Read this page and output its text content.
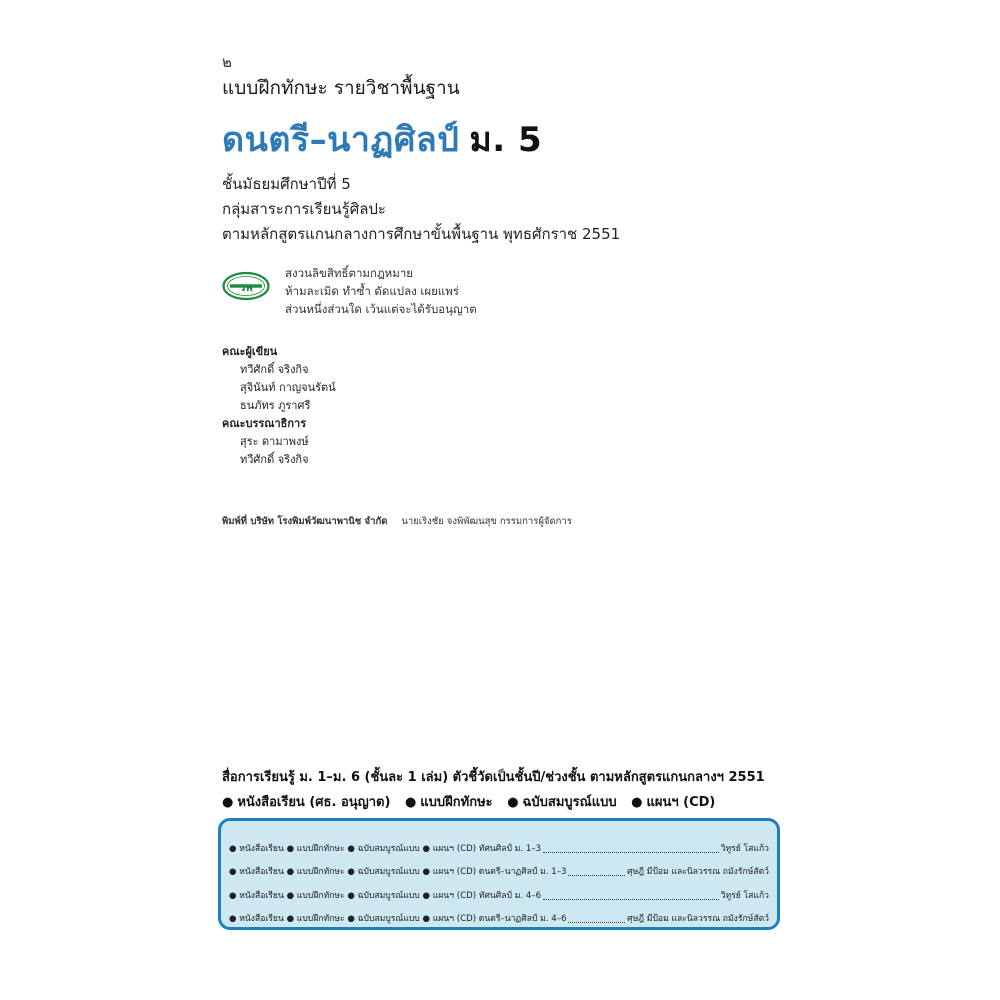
๒
แบบฝึกทักษะ รายวิชาพื้นฐาน
ดนตรี–นาฏศิลป์ ม. 5
ชั้นมัธยมศึกษาปีที่ 5
กลุ่มสาระการเรียนรู้ศิลปะ
ตามหลักสูตรแกนกลางการศึกษาขั้นพื้นฐาน พุทธศักราช 2551
วพ
สงวนลิขสิทธิ์ตามกฎหมาย
ห้ามละเมิด ทำซ้ำ ดัดแปลง เผยแพร่
ส่วนหนึ่งส่วนใด เว้นแต่จะได้รับอนุญาต
คณะผู้เขียน
ทวีศักดิ์ จริงกิจ
สุจินันท์ กาญจนรัตน์
ธนภัทร ภูราศรี
คณะบรรณาธิการ
สุระ ดามาพงษ์
ทวีศักดิ์ จริงกิจ
พิมพ์ที่ บริษัท โรงพิมพ์วัฒนาพานิช จำกัด นายเริงชัย จงพิพัฒนสุข กรรมการผู้จัดการ
สื่อการเรียนรู้ ม. 1–ม. 6 (ชั้นละ 1 เล่ม) ตัวชี้วัดเป็นชั้นปี/ช่วงชั้น ตามหลักสูตรแกนกลางฯ 2551
● หนังสือเรียน (ศธ. อนุญาต) ● แบบฝึกทักษะ ● ฉบับสมบูรณ์แบบ ● แผนฯ (CD)
● หนังสือเรียน ● แบบฝึกทักษะ ● ฉบับสมบูรณ์แบบ ● แผนฯ (CD) ทัศนศิลป์ ม. 1–3	วิทูรย์ โสแก้ว
● หนังสือเรียน ● แบบฝึกทักษะ ● ฉบับสมบูรณ์แบบ ● แผนฯ (CD) ดนตรี–นาฏศิลป์ ม. 1–3	ศุษฎี มีป้อม และนิลวรรณ ถมังรักษ์สัตว์
● หนังสือเรียน ● แบบฝึกทักษะ ● ฉบับสมบูรณ์แบบ ● แผนฯ (CD) ทัศนศิลป์ ม. 4–6	วิทูรย์ โสแก้ว
● หนังสือเรียน ● แบบฝึกทักษะ ● ฉบับสมบูรณ์แบบ ● แผนฯ (CD) ดนตรี–นาฏศิลป์ ม. 4–6	ศุษฎี มีป้อม และนิลวรรณ ถมังรักษ์สัตว์
